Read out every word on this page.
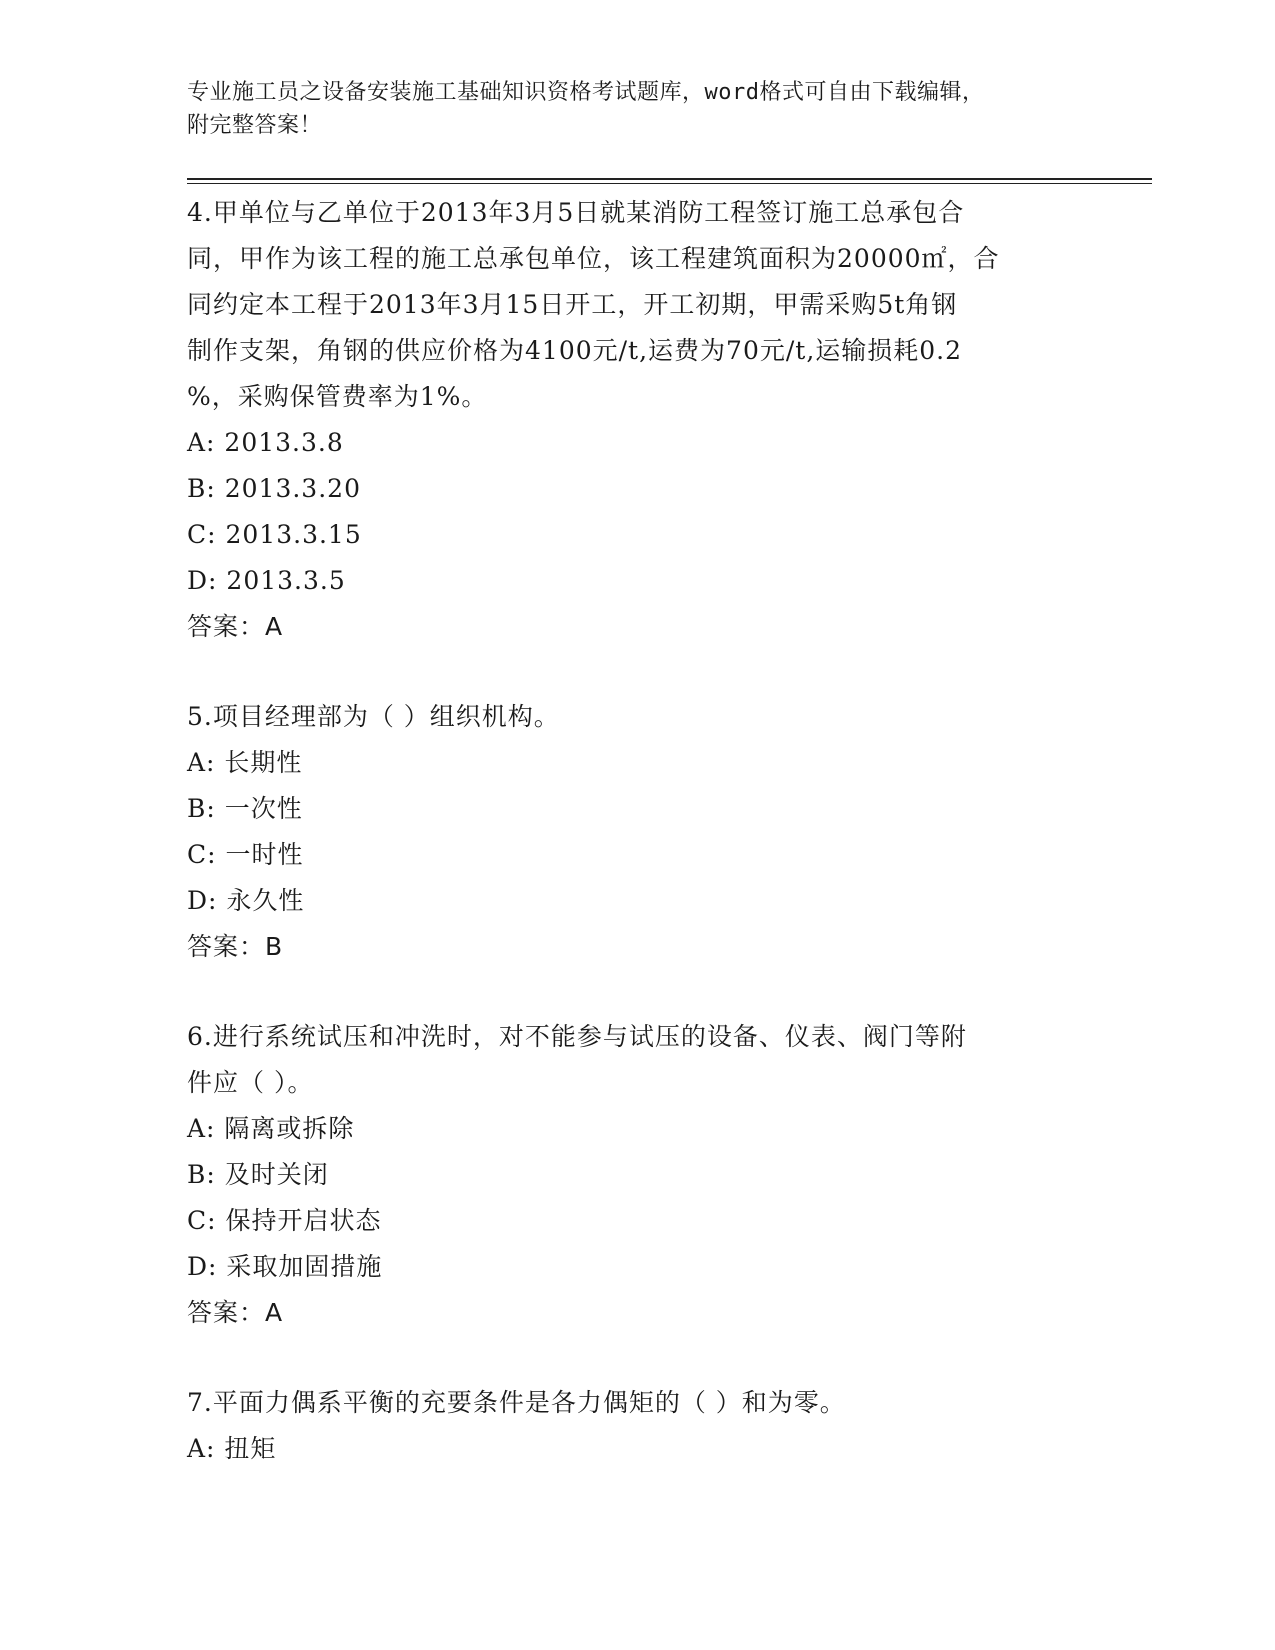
专业施工员之设备安装施工基础知识资格考试题库，word格式可自由下载编辑，
附完整答案！
4.甲单位与乙单位于2013年3月5日就某消防工程签订施工总承包合
同，甲作为该工程的施工总承包单位，该工程建筑面积为20000㎡，合
同约定本工程于2013年3月15日开工，开工初期，甲需采购5t角钢
制作支架，角钢的供应价格为4100元/t,运费为70元/t,运输损耗0.2
%，采购保管费率为1%。
A: 2013.3.8
B: 2013.3.20
C: 2013.3.15
D: 2013.3.5
答案：A
5.项目经理部为（ ）组织机构。
A: 长期性
B: 一次性
C: 一时性
D: 永久性
答案：B
6.进行系统试压和冲洗时，对不能参与试压的设备、仪表、阀门等附
件应（ ）。
A: 隔离或拆除
B: 及时关闭
C: 保持开启状态
D: 采取加固措施
答案：A
7.平面力偶系平衡的充要条件是各力偶矩的（ ）和为零。
A: 扭矩
